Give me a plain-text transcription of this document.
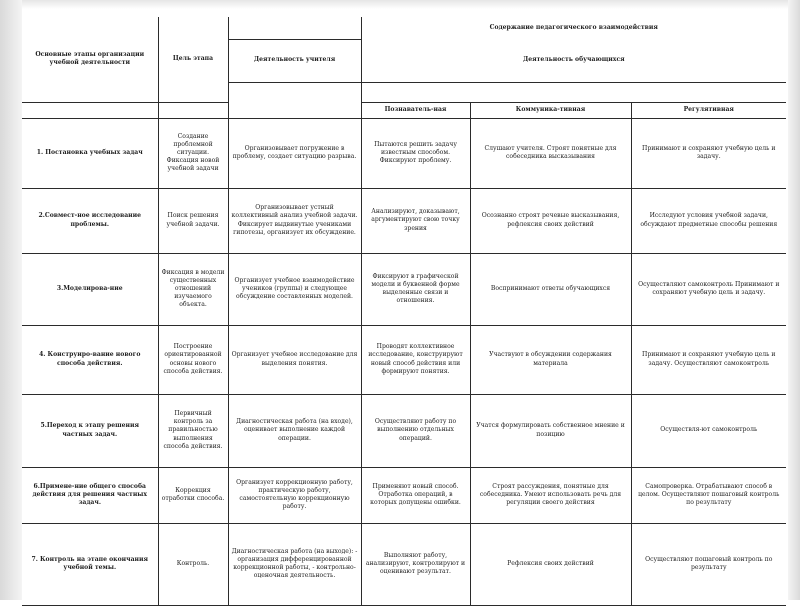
Основные этапы организации учебной деятельности	Цель этапа		Содержание педагогического взаимодействия		
		Деятельность учителя	Деятельность обучающихся		

			Познаватель-ная	Коммуника-тивная	Регулятивная
1. Постановка учебных задач	Создание проблемной ситуации. Фиксация новой учебной задачи	Организовывает погружение в проблему, создает ситуацию разрыва.	Пытаются решить задачу известным способом. Фиксируют проблему.	Слушают учителя. Строят понятные для собеседника высказывания	Принимают и сохраняют учебную цель и задачу.
2.Совмест-ное исследование проблемы.	Поиск решения учебной задачи.	Организовывает устный коллективный анализ учебной задачи. Фиксирует выдвинутые учениками гипотезы, организует их обсуждение.	Анализируют, доказывают, аргументируют свою точку зрения	Осознанно строят речевые высказывания, рефлексия своих действий	Исследуют условия учебной задачи, обсуждают предметные способы решения
3.Моделирова-ние	Фиксация в модели существенных отношений изучаемого объекта.	Организует учебное взаимодействие учеников (группы) и следующее обсуждение составленных моделей.	Фиксируют в графической модели и буквенной форме выделенные связи и отношения.	Воспринимают ответы обучающихся	Осуществляют самоконтроль Принимают и сохраняют учебную цель и задачу.
4. Конструиро-вание нового способа действия.	Построение ориентированной основы нового способа действия.	Организует учебное исследование для выделения понятия.	Проводят коллективное исследование, конструируют новый способ действия или формируют понятия.	Участвуют в обсуждении содержания материала	Принимают и сохраняют учебную цель и задачу. Осуществляют самоконтроль
5.Переход к этапу решения частных задач.	Первичный контроль за правильностью выполнения способа действия.	Диагностическая работа (на входе), оценивает выполнение каждой операции.	Осуществляют работу по выполнению отдельных операций.	Учатся формулировать собственное мнение и позицию	Осуществля-ют самоконтроль
6.Примене-ние общего способа действия для решения частных задач.	Коррекция отработки способа.	Организует коррекционную работу, практическую работу, самостоятельную коррекционную работу.	Применяют новый способ. Отработка операций, в которых допущены ошибки.	Строят рассуждения, понятные для собеседника. Умеют использовать речь для регуляции своего действия	Самопроверка. Отрабатывают способ в целом. Осуществляют пошаговый контроль по результату
7. Контроль на этапе окончания учебной темы.	Контроль.	Диагностическая работа (на выходе): - организация дифференцированной коррекционной работы, - контрольно-оценочная деятельность.	Выполняют работу, анализируют, контролируют и оценивают результат.	Рефлексия своих действий	Осуществляют пошаговый контроль по результату
